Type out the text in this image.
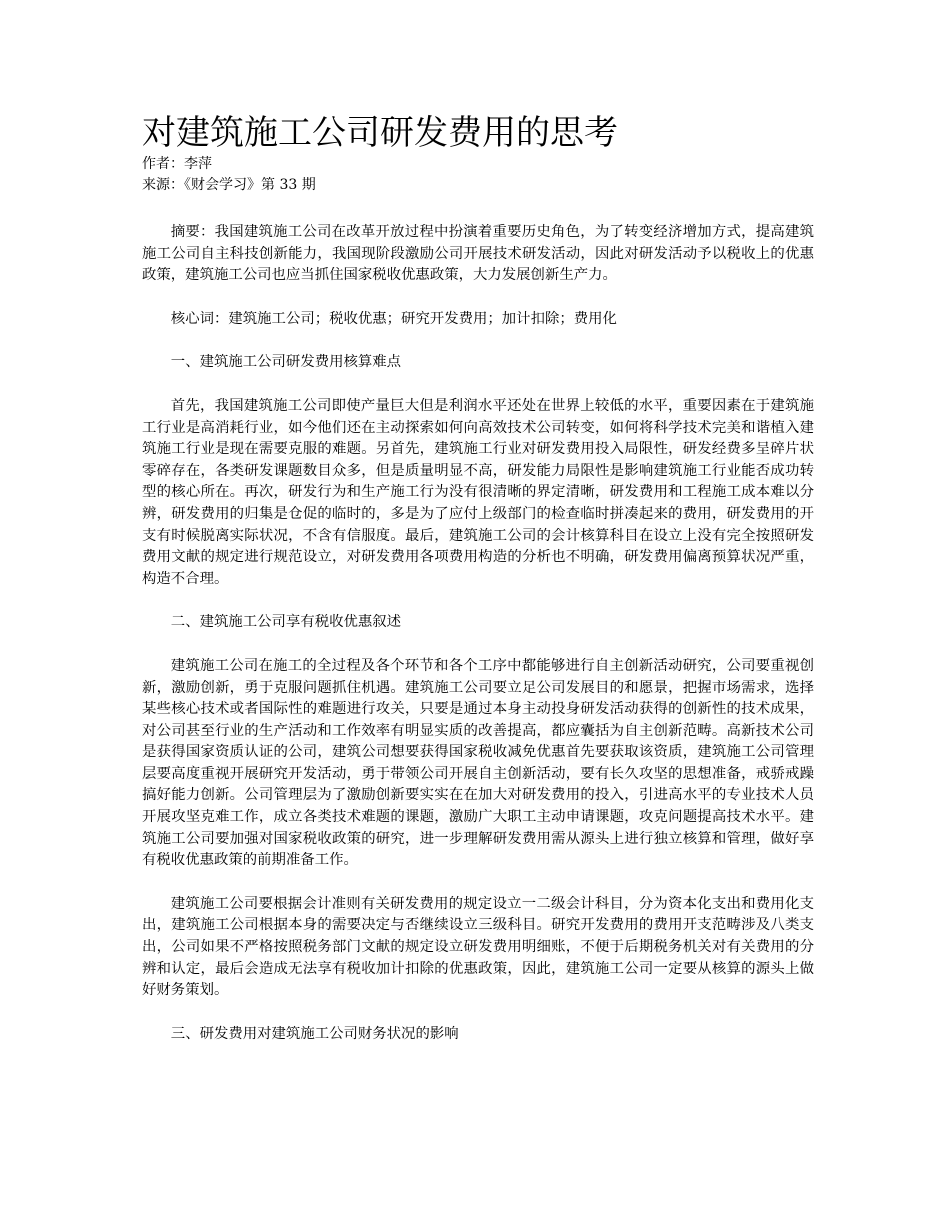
对建筑施工公司研发费用的思考
作者：李萍
来源：《财会学习》第 33 期

摘要：我国建筑施工公司在改革开放过程中扮演着重要历史角色，为了转变经济增加方式，提高建筑施工公司自主科技创新能力，我国现阶段激励公司开展技术研发活动，因此对研发活动予以税收上的优惠政策，建筑施工公司也应当抓住国家税收优惠政策，大力发展创新生产力。

核心词：建筑施工公司；税收优惠；研究开发费用；加计扣除；费用化

一、建筑施工公司研发费用核算难点

首先，我国建筑施工公司即使产量巨大但是利润水平还处在世界上较低的水平，重要因素在于建筑施工行业是高消耗行业，如今他们还在主动探索如何向高效技术公司转变，如何将科学技术完美和谐植入建筑施工行业是现在需要克服的难题。另首先，建筑施工行业对研发费用投入局限性，研发经费多呈碎片状零碎存在，各类研发课题数目众多，但是质量明显不高，研发能力局限性是影响建筑施工行业能否成功转型的核心所在。再次，研发行为和生产施工行为没有很清晰的界定清晰，研发费用和工程施工成本难以分辨，研发费用的归集是仓促的临时的，多是为了应付上级部门的检查临时拼凑起来的费用，研发费用的开支有时候脱离实际状况，不含有信服度。最后，建筑施工公司的会计核算科目在设立上没有完全按照研发费用文献的规定进行规范设立，对研发费用各项费用构造的分析也不明确，研发费用偏离预算状况严重，构造不合理。

二、建筑施工公司享有税收优惠叙述

建筑施工公司在施工的全过程及各个环节和各个工序中都能够进行自主创新活动研究，公司要重视创新，激励创新，勇于克服问题抓住机遇。建筑施工公司要立足公司发展目的和愿景，把握市场需求，选择某些核心技术或者国际性的难题进行攻关，只要是通过本身主动投身研发活动获得的创新性的技术成果，对公司甚至行业的生产活动和工作效率有明显实质的改善提高，都应囊括为自主创新范畴。高新技术公司是获得国家资质认证的公司，建筑公司想要获得国家税收减免优惠首先要获取该资质，建筑施工公司管理层要高度重视开展研究开发活动，勇于带领公司开展自主创新活动，要有长久攻坚的思想准备，戒骄戒躁搞好能力创新。公司管理层为了激励创新要实实在在加大对研发费用的投入，引进高水平的专业技术人员开展攻坚克难工作，成立各类技术难题的课题，激励广大职工主动申请课题，攻克问题提高技术水平。建筑施工公司要加强对国家税收政策的研究，进一步理解研发费用需从源头上进行独立核算和管理，做好享有税收优惠政策的前期准备工作。

建筑施工公司要根据会计准则有关研发费用的规定设立一二级会计科目，分为资本化支出和费用化支出，建筑施工公司根据本身的需要决定与否继续设立三级科目。研究开发费用的费用开支范畴涉及八类支出，公司如果不严格按照税务部门文献的规定设立研发费用明细账，不便于后期税务机关对有关费用的分辨和认定，最后会造成无法享有税收加计扣除的优惠政策，因此，建筑施工公司一定要从核算的源头上做好财务策划。

三、研发费用对建筑施工公司财务状况的影响
